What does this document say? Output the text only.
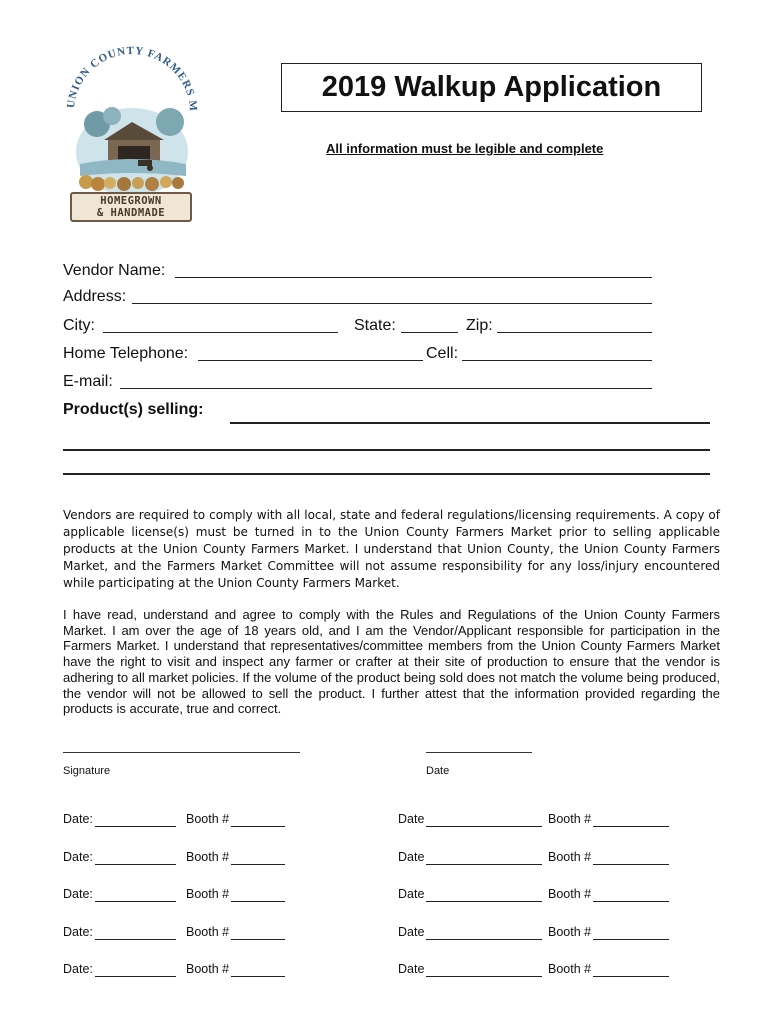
UNION COUNTY FARMERS M
HOMEGROWN
& HANDMADE
2019 Walkup Application
All information must be legible and complete
Vendor Name:
Address:
City:	State:	Zip:
Home Telephone:	Cell:
E-mail:
Product(s) selling:
Vendors are required to comply with all local, state and federal regulations/licensing requirements. A copy of applicable license(s) must be turned in to the Union County Farmers Market prior to selling applicable products at the Union County Farmers Market. I understand that Union County, the Union County Farmers Market, and the Farmers Market Committee will not assume responsibility for any loss/injury encountered while participating at the Union County Farmers Market.
I have read, understand and agree to comply with the Rules and Regulations of the Union County Farmers Market. I am over the age of 18 years old, and I am the Vendor/Applicant responsible for participation in the Farmers Market. I understand that representatives/committee members from the Union County Farmers Market have the right to visit and inspect any farmer or crafter at their site of production to ensure that the vendor is adhering to all market policies. If the volume of the product being sold does not match the volume being produced, the vendor will not be allowed to sell the product. I further attest that the information provided regarding the products is accurate, true and correct.
Signature	Date
Date:	Booth #	Date	Booth #
Date:	Booth #	Date	Booth #
Date:	Booth #	Date	Booth #
Date:	Booth #	Date	Booth #
Date:	Booth #	Date	Booth #
